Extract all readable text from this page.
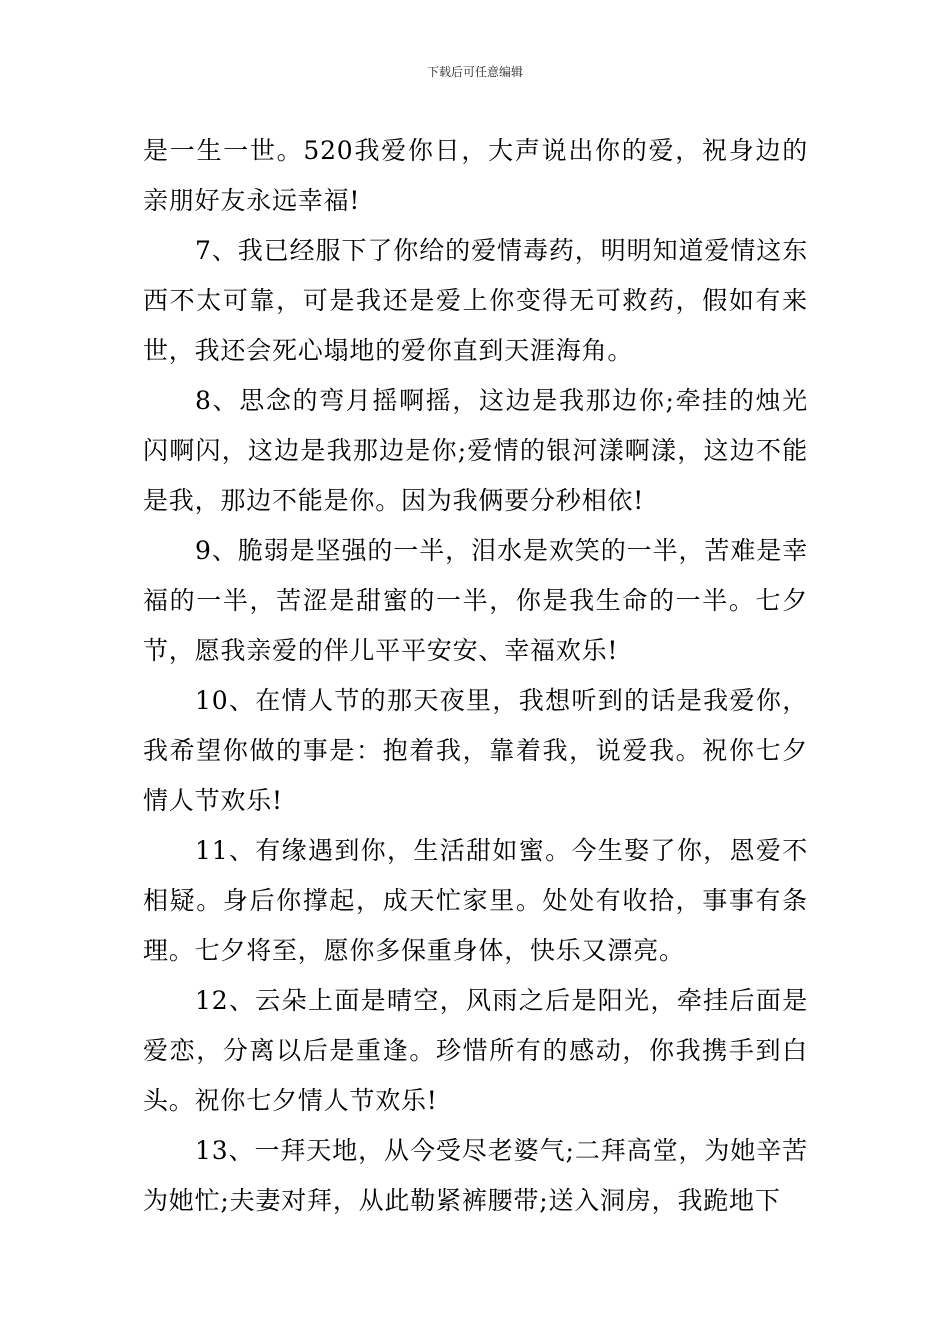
下载后可任意编辑

是一生一世。520我爱你日，大声说出你的爱，祝身边的亲朋好友永远幸福!

7、我已经服下了你给的爱情毒药，明明知道爱情这东西不太可靠，可是我还是爱上你变得无可救药，假如有来世，我还会死心塌地的爱你直到天涯海角。

8、思念的弯月摇啊摇，这边是我那边你;牵挂的烛光闪啊闪，这边是我那边是你;爱情的银河漾啊漾，这边不能是我，那边不能是你。因为我俩要分秒相依!

9、脆弱是坚强的一半，泪水是欢笑的一半，苦难是幸福的一半，苦涩是甜蜜的一半，你是我生命的一半。七夕节，愿我亲爱的伴儿平平安安、幸福欢乐!

10、在情人节的那天夜里，我想听到的话是我爱你，我希望你做的事是：抱着我，靠着我，说爱我。祝你七夕情人节欢乐!

11、有缘遇到你，生活甜如蜜。今生娶了你，恩爱不相疑。身后你撑起，成天忙家里。处处有收拾，事事有条理。七夕将至，愿你多保重身体，快乐又漂亮。

12、云朵上面是晴空，风雨之后是阳光，牵挂后面是爱恋，分离以后是重逢。珍惜所有的感动，你我携手到白头。祝你七夕情人节欢乐!

13、一拜天地，从今受尽老婆气;二拜高堂，为她辛苦为她忙;夫妻对拜，从此勒紧裤腰带;送入洞房，我跪地下
